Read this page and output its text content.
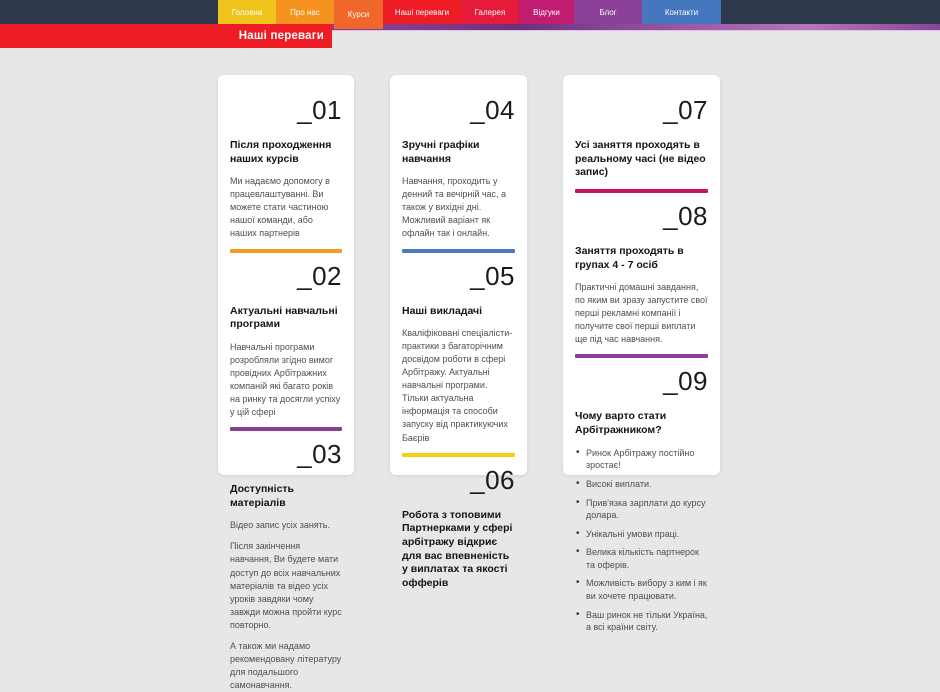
Головна	Про нас	Курси	Наші переваги	Галерея	Відгуки	Блог	Контакти
Наші переваги
_01
Після проходження наших курсів

Ми надаємо допомогу в працевлаштуванні. Ви можете стати частиною нашої команди, або наших партнерів

_02
Актуальні навчальні програми

Навчальні програми розробляли згідно вимог провідних Арбітражних компаній які багато років на ринку та досягли успіху у цій сфері

_03
Доступність матеріалів

Відео запис усіх занять.

Після закінчення навчання, Ви будете мати доступ до всіх навчальних матеріалів та відео усіх уроків завдяки чому завжди можна пройти курс повторно.

А також ми надамо рекомендовану літературу для подальшого самонавчання.

_04
Зручні графіки навчання

Навчання, проходить у денний та вечірній час, а також у вихідні дні. Можливий варіант як офлайн так і онлайн.

_05
Наші викладачі

Кваліфіковані спеціалісти-практики з багаторічним досвідом роботи в сфері Арбітражу. Актуальні навчальні програми. Тільки актуальна інформація та способи запуску від практикуючих Баєрів

_06
Робота з топовими Партнерками у сфері арбітражу відкриє для вас впевненість у виплатах та якості офферів
_07
Усі заняття проходять в реальному часі (не відео запис)
_08
Заняття проходять в групах 4 - 7 осіб

Практичні домашні завдання, по яким ви зразу запустите свої перші рекламні компанії і получите свої перші виплати ще під час навчання.

_09
Чому варто стати Арбітражником?
• Ринок Арбітражу постійно зростає!
• Високі виплати.
• Прив'язка зарплати до курсу долара.
• Унікальні умови праці.
• Велика кількість партнерок та оферів.
• Можливість вибору з ким і як ви хочете працювати.
• Ваш ринок не тільки Україна, а всі країни світу.
